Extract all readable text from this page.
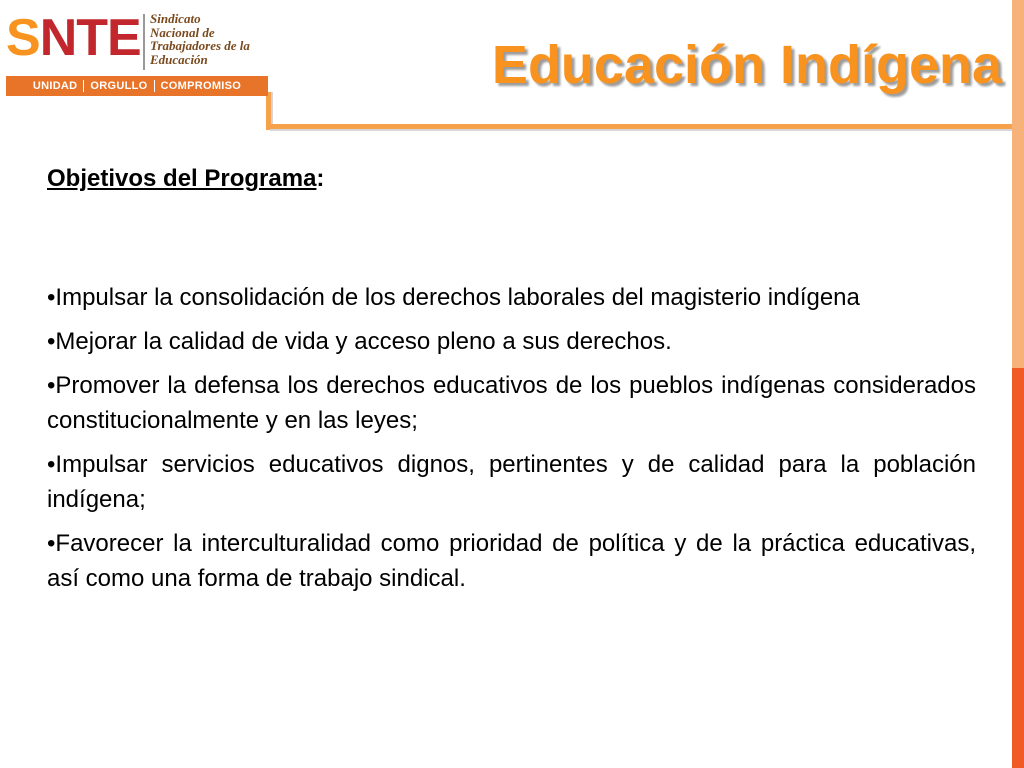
SNTE Sindicato
Nacional de
Trabajadores de la
Educación
UNIDAD ORGULLO COMPROMISO	Educación Indígena
Objetivos del Programa:
•Impulsar la consolidación de los derechos laborales del magisterio indígena
•Mejorar la calidad de vida y acceso pleno a sus derechos.
•Promover la defensa los derechos educativos de los pueblos indígenas considerados constitucionalmente y en las leyes;
•Impulsar servicios educativos dignos, pertinentes y de calidad para la población indígena;
•Favorecer la interculturalidad como prioridad de política y de la práctica educativas, así como una forma de trabajo sindical.
